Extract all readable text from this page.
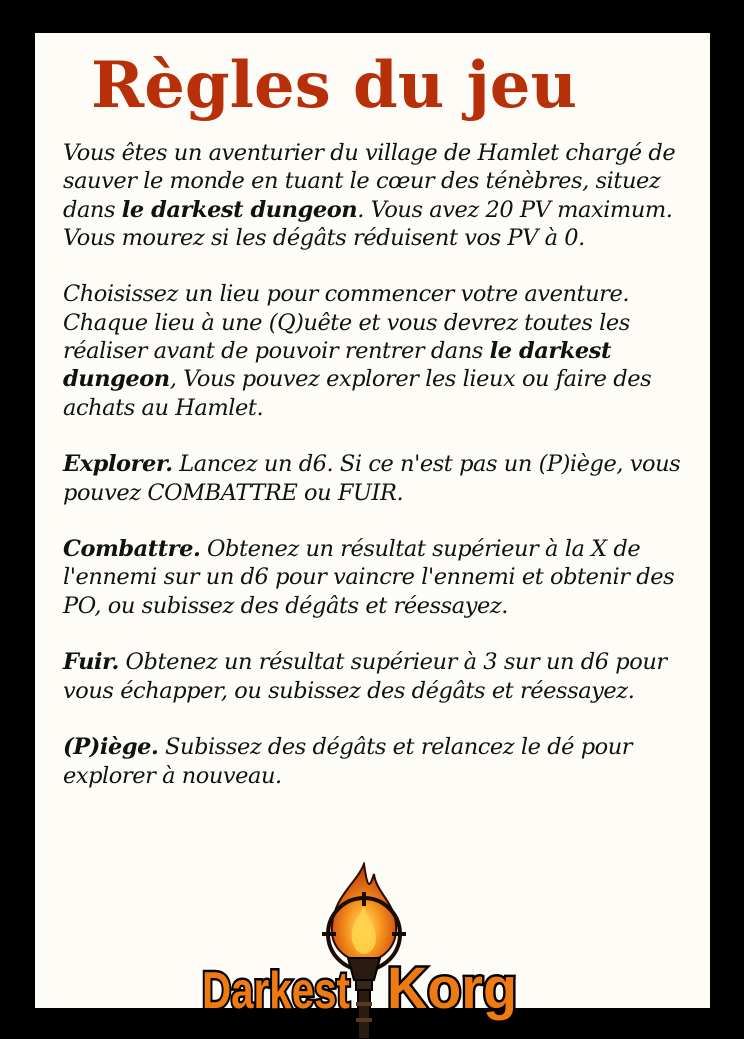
Règles du jeu

Vous êtes un aventurier du village de Hamlet chargé de sauver le monde en tuant le cœur des ténèbres, situez dans le darkest dungeon. Vous avez 20 PV maximum. Vous mourez si les dégâts réduisent vos PV à 0.

Choisissez un lieu pour commencer votre aventure. Chaque lieu à une (Q)uête et vous devrez toutes les réaliser avant de pouvoir rentrer dans le darkest dungeon, Vous pouvez explorer les lieux ou faire des achats au Hamlet.

Explorer. Lancez un d6. Si ce n'est pas un (P)iège, vous pouvez COMBATTRE ou FUIR.

Combattre. Obtenez un résultat supérieur à la X de l'ennemi sur un d6 pour vaincre l'ennemi et obtenir des PO, ou subissez des dégâts et réessayez.

Fuir. Obtenez un résultat supérieur à 3 sur un d6 pour vous échapper, ou subissez des dégâts et réessayez.

(P)iège. Subissez des dégâts et relancez le dé pour explorer à nouveau.

Darkest Korg
